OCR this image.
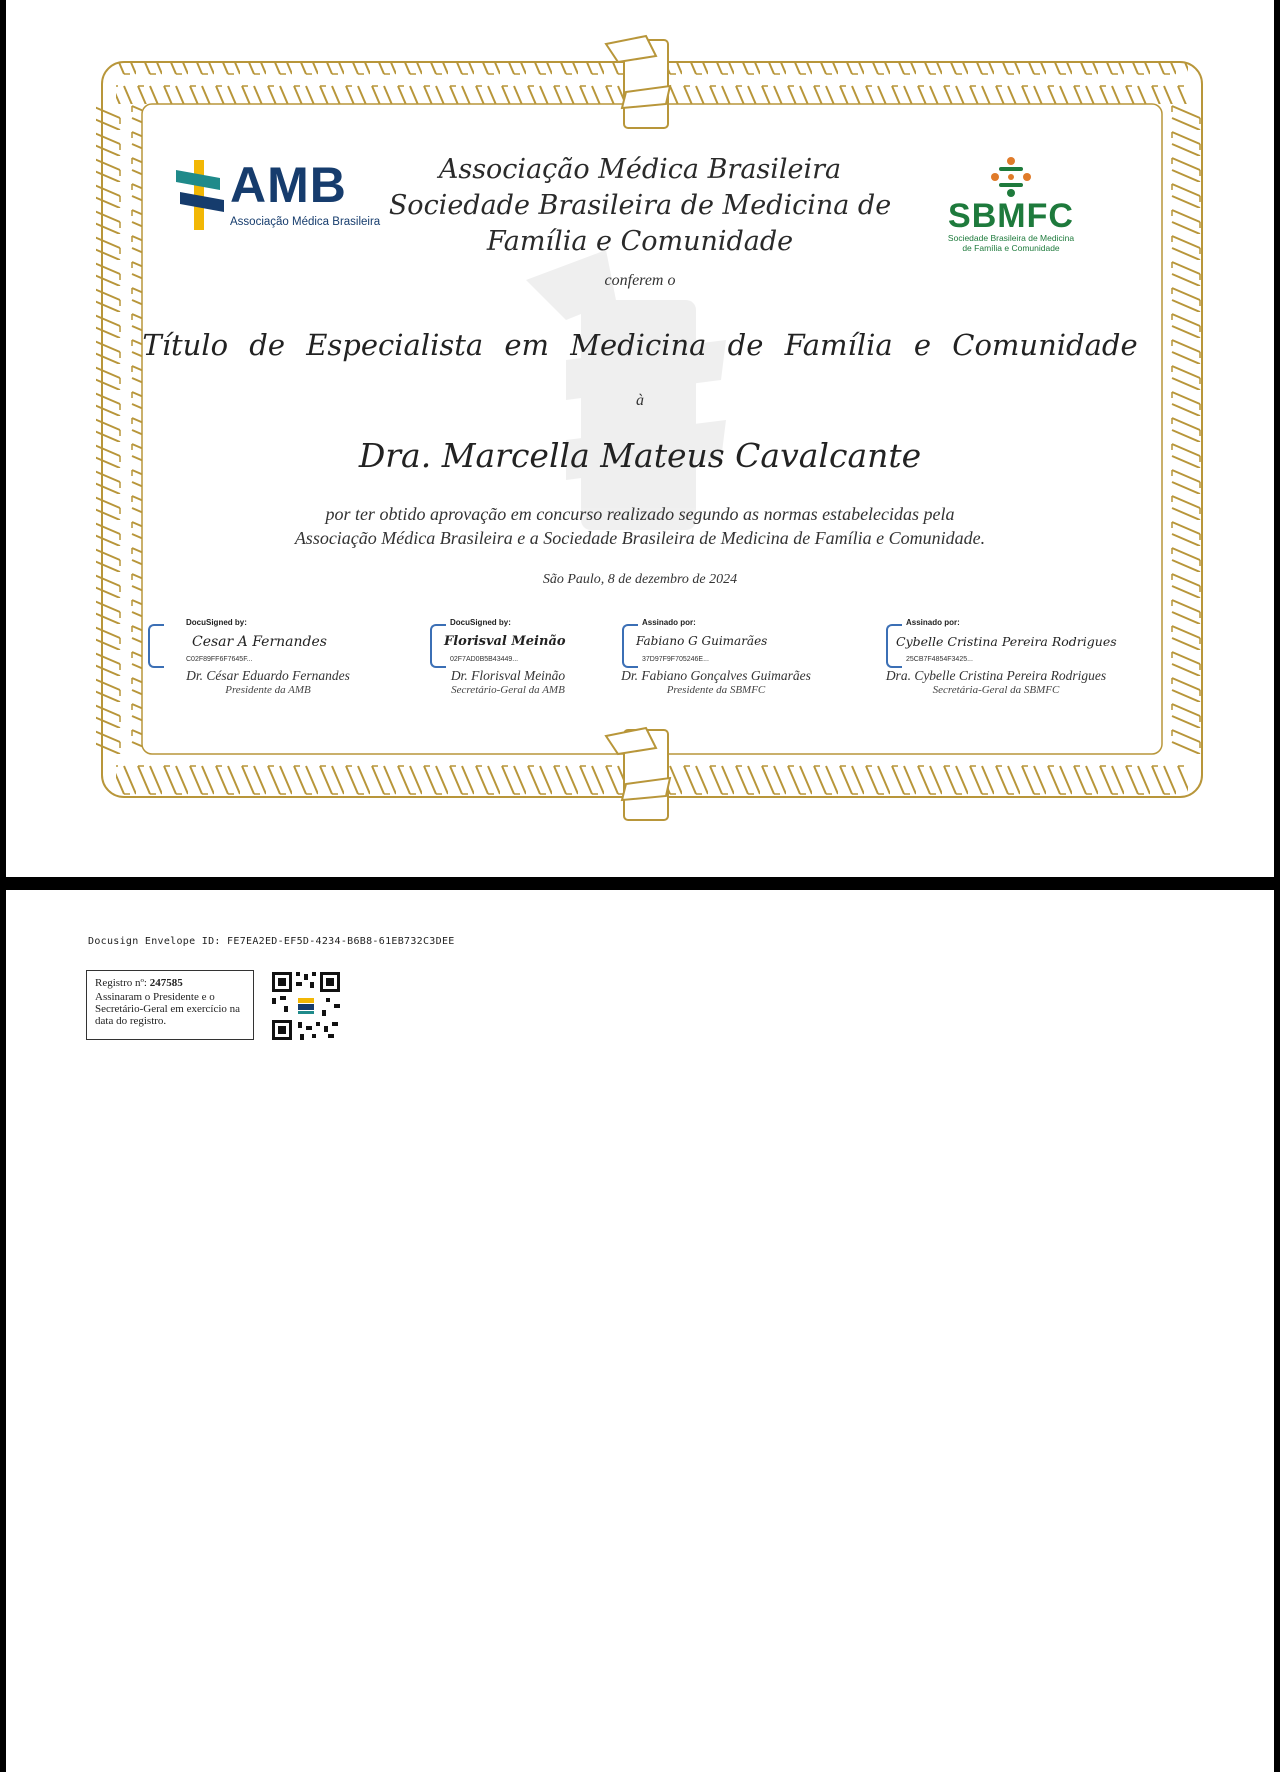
AMB
Associação Médica Brasileira	SBMFC
Sociedade Brasileira de Medicina
de Família e Comunidade
Associação Médica Brasileira
Sociedade Brasileira de Medicina de
Família e Comunidade
conferem o
Título de Especialista em Medicina de Família e Comunidade
à
Dra. Marcella Mateus Cavalcante
por ter obtido aprovação em concurso realizado segundo as normas estabelecidas pela
Associação Médica Brasileira e a Sociedade Brasileira de Medicina de Família e Comunidade.
São Paulo, 8 de dezembro de 2024
DocuSigned by:
Cesar A Fernandes
C02F89FF6F7645F...
Dr. César Eduardo Fernandes
Presidente da AMB
DocuSigned by:
Florisval Meinão
02F7AD0B5B43449...
Dr. Florisval Meinão
Secretário-Geral da AMB
Assinado por:
Fabiano G Guimarães
37D97F9F705246E...
Dr. Fabiano Gonçalves Guimarães
Presidente da SBMFC
Assinado por:
Cybelle Cristina Pereira Rodrigues
25CB7F4854F3425...
Dra. Cybelle Cristina Pereira Rodrigues
Secretária-Geral da SBMFC
Docusign Envelope ID: FE7EA2ED-EF5D-4234-B6B8-61EB732C3DEE
Registro nº: 247585
Assinaram o Presidente e o Secretário-Geral em exercício na data do registro.
